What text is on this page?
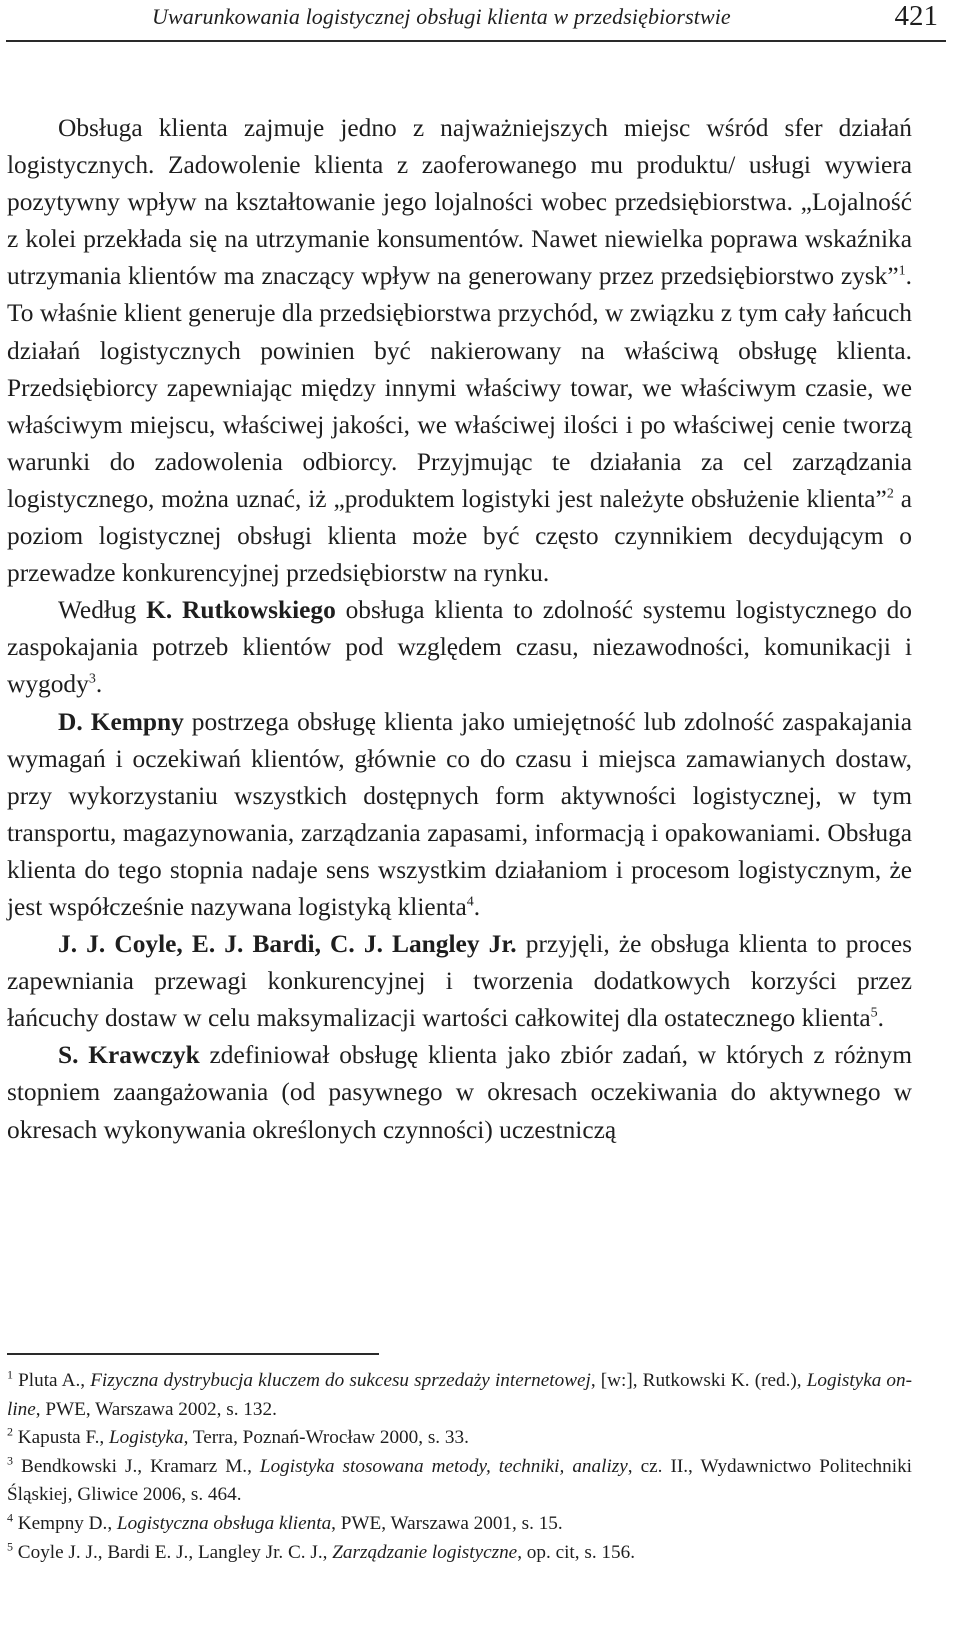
Uwarunkowania logistycznej obsługi klienta w przedsiębiorstwie	421

Obsługa klienta zajmuje jedno z najważniejszych miejsc wśród sfer działań logistycznych. Zadowolenie klienta z zaoferowanego mu produktu/ usługi wywiera pozytywny wpływ na kształtowanie jego lojalności wobec przedsiębiorstwa. „Lojalność z kolei przekłada się na utrzymanie konsumentów. Nawet niewielka poprawa wskaźnika utrzymania klientów ma znaczący wpływ na generowany przez przedsiębiorstwo zysk”$^1$. To właśnie klient generuje dla przedsiębiorstwa przychód, w związku z tym cały łańcuch działań logistycznych powinien być nakierowany na właściwą obsługę klienta. Przedsiębiorcy zapewniając między innymi właściwy towar, we właściwym czasie, we właściwym miejscu, właściwej jakości, we właściwej ilości i po właściwej cenie tworzą warunki do zadowolenia odbiorcy. Przyjmując te działania za cel zarządzania logistycznego, można uznać, iż „produktem logistyki jest należyte obsłużenie klienta”$^2$ a poziom logistycznej obsługi klienta może być często czynnikiem decydującym o przewadze konkurencyjnej przedsiębiorstw na rynku.

Według K. Rutkowskiego obsługa klienta to zdolność systemu logistycznego do zaspokajania potrzeb klientów pod względem czasu, niezawodności, komunikacji i wygody$^3$.

D. Kempny postrzega obsługę klienta jako umiejętność lub zdolność zaspakajania wymagań i oczekiwań klientów, głównie co do czasu i miejsca zamawianych dostaw, przy wykorzystaniu wszystkich dostępnych form aktywności logistycznej, w tym transportu, magazynowania, zarządzania zapasami, informacją i opakowaniami. Obsługa klienta do tego stopnia nadaje sens wszystkim działaniom i procesom logistycznym, że jest współcześnie nazywana logistyką klienta$^4$.

J. J. Coyle, E. J. Bardi, C. J. Langley Jr. przyjęli, że obsługa klienta to proces zapewniania przewagi konkurencyjnej i tworzenia dodatkowych korzyści przez łańcuchy dostaw w celu maksymalizacji wartości całkowitej dla ostatecznego klienta$^5$.

S. Krawczyk zdefiniował obsługę klienta jako zbiór zadań, w których z różnym stopniem zaangażowania (od pasywnego w okresach oczekiwania do aktywnego w okresach wykonywania określonych czynności) uczestniczą

$^1$ Pluta A., Fizyczna dystrybucja kluczem do sukcesu sprzedaży internetowej, [w:], Rutkowski K. (red.), Logistyka on-line, PWE, Warszawa 2002, s. 132.

$^2$ Kapusta F., Logistyka, Terra, Poznań-Wrocław 2000, s. 33.

$^3$ Bendkowski J., Kramarz M., Logistyka stosowana metody, techniki, analizy, cz. II., Wydawnictwo Politechniki Śląskiej, Gliwice 2006, s. 464.

$^4$ Kempny D., Logistyczna obsługa klienta, PWE, Warszawa 2001, s. 15.

$^5$ Coyle J. J., Bardi E. J., Langley Jr. C. J., Zarządzanie logistyczne, op. cit, s. 156.
